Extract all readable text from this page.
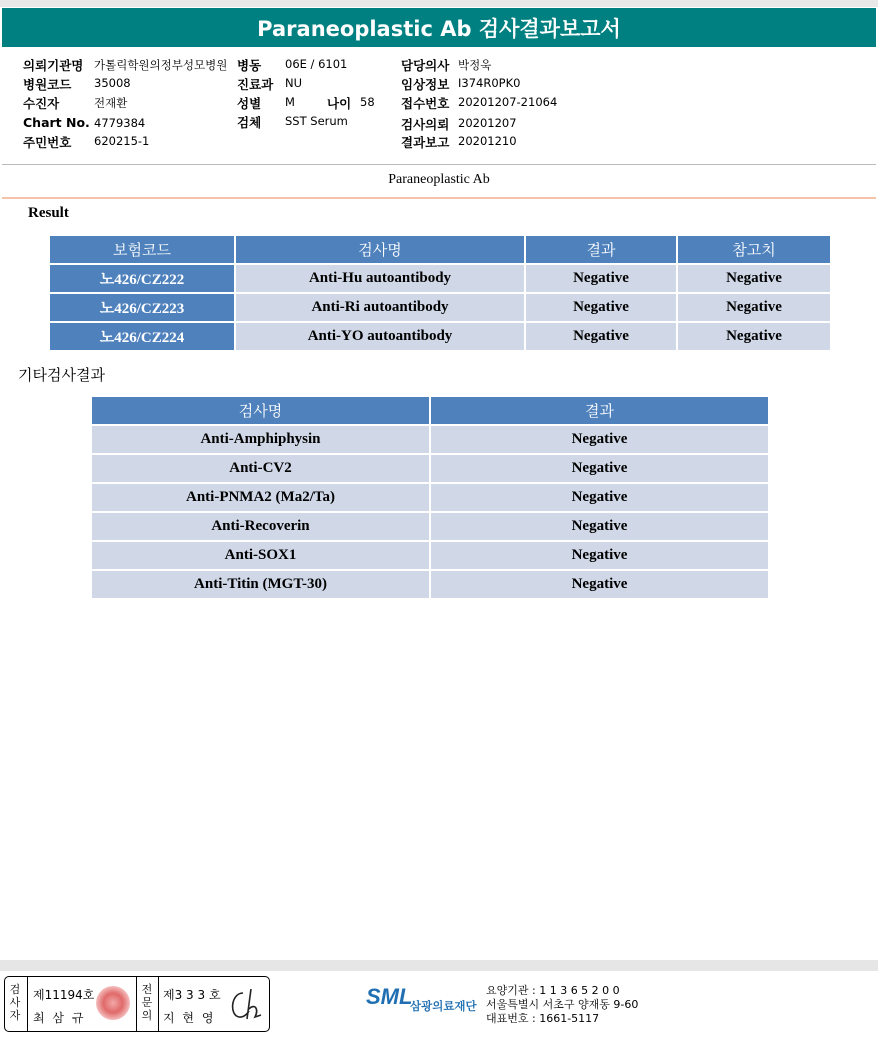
Paraneoplastic Ab 검사결과보고서
의뢰기관명 가톨릭학원의정부성모병원
병원코드 35008
수진자	전재환
Chart No. 4779384
주민번호 620215-1
병동 06E / 6101
진료과 NU
성별 M	나이 58
검체 SST Serum
담당의사 박정욱
임상정보 I374R0PK0
접수번호 20201207-21064
검사의뢰 20201207
결과보고 20201210
Paraneoplastic Ab
Result
보험코드	검사명	결과	참고치
노426/CZ222	Anti-Hu autoantibody	Negative	Negative
노426/CZ223	Anti-Ri autoantibody	Negative	Negative
노426/CZ224	Anti-YO autoantibody	Negative	Negative
기타검사결과
검사명	결과
Anti-Amphiphysin	Negative
Anti-CV2	Negative
Anti-PNMA2 (Ma2/Ta)	Negative
Anti-Recoverin	Negative
Anti-SOX1	Negative
Anti-Titin (MGT-30)	Negative
검사자
제11194호
최 삼 규
전문의
제3 3 3 호
지 현 영
SML
삼광의료재단
요양기관 : 1 1 3 6 5 2 0 0
서울특별시 서초구 양재동 9-60
대표번호 : 1661-5117
